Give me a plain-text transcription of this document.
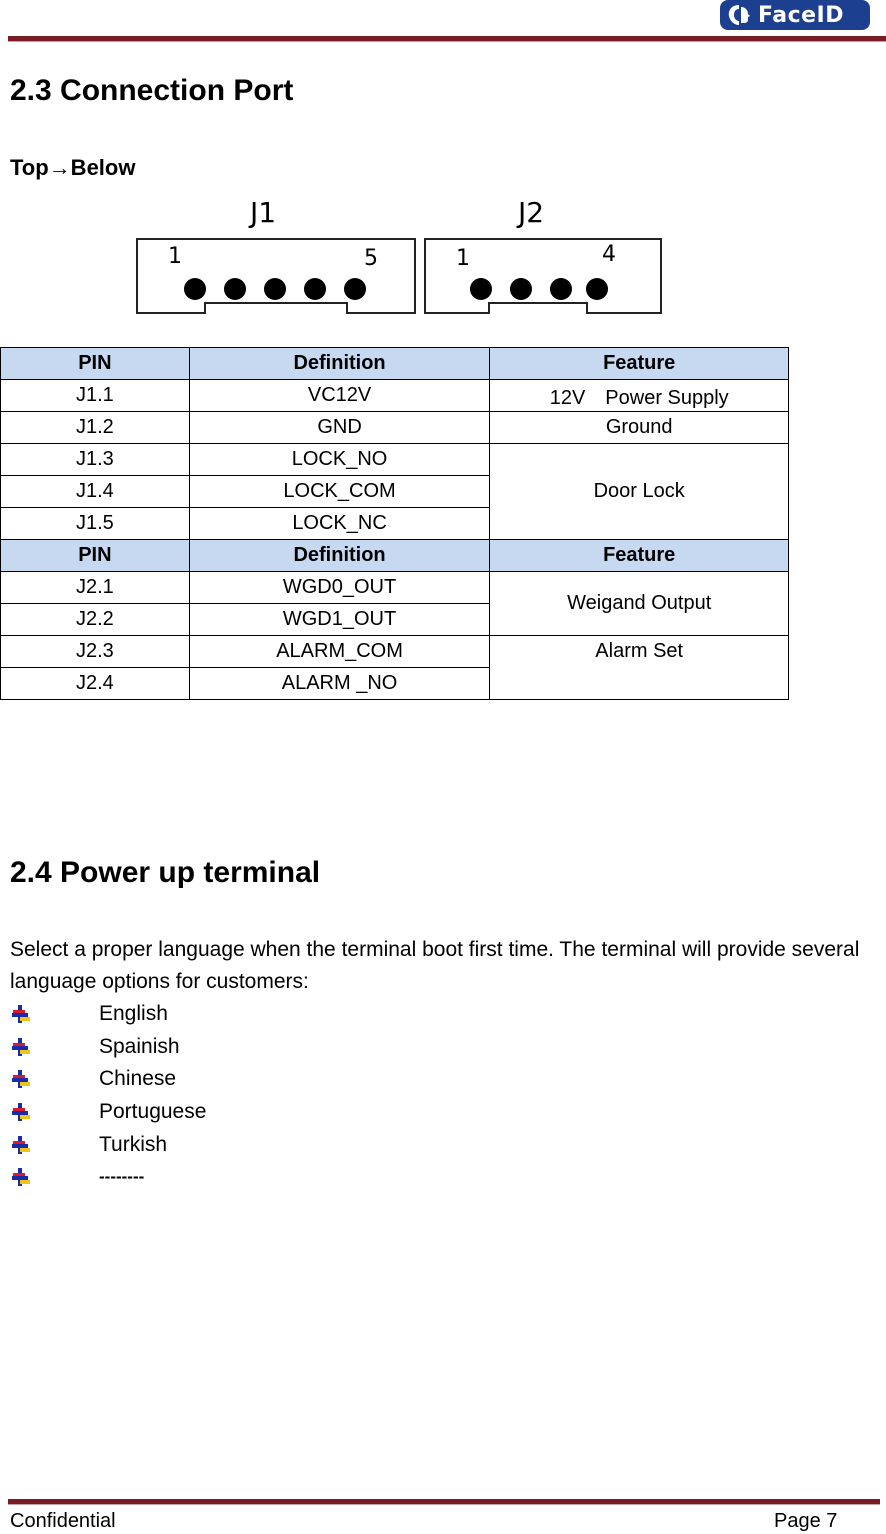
FaceID
2.3 Connection Port
Top→Below
J1
1	5
J2
1	4
PIN	Definition	Feature
J1.1	VC12V	12V　Power Supply
J1.2	GND	Ground
J1.3	LOCK_NO	Door Lock
J1.4	LOCK_COM	
J1.5	LOCK_NC	
PIN	Definition	Feature
J2.1	WGD0_OUT	Weigand Output
J2.2	WGD1_OUT	
J2.3	ALARM_COM	Alarm Set
J2.4	ALARM _NO	
2.4 Power up terminal

Select a proper language when the terminal boot first time. The terminal will provide several language options for customers:

English
Spainish
Chinese
Portuguese
Turkish
--------
Confidential	Page 7
